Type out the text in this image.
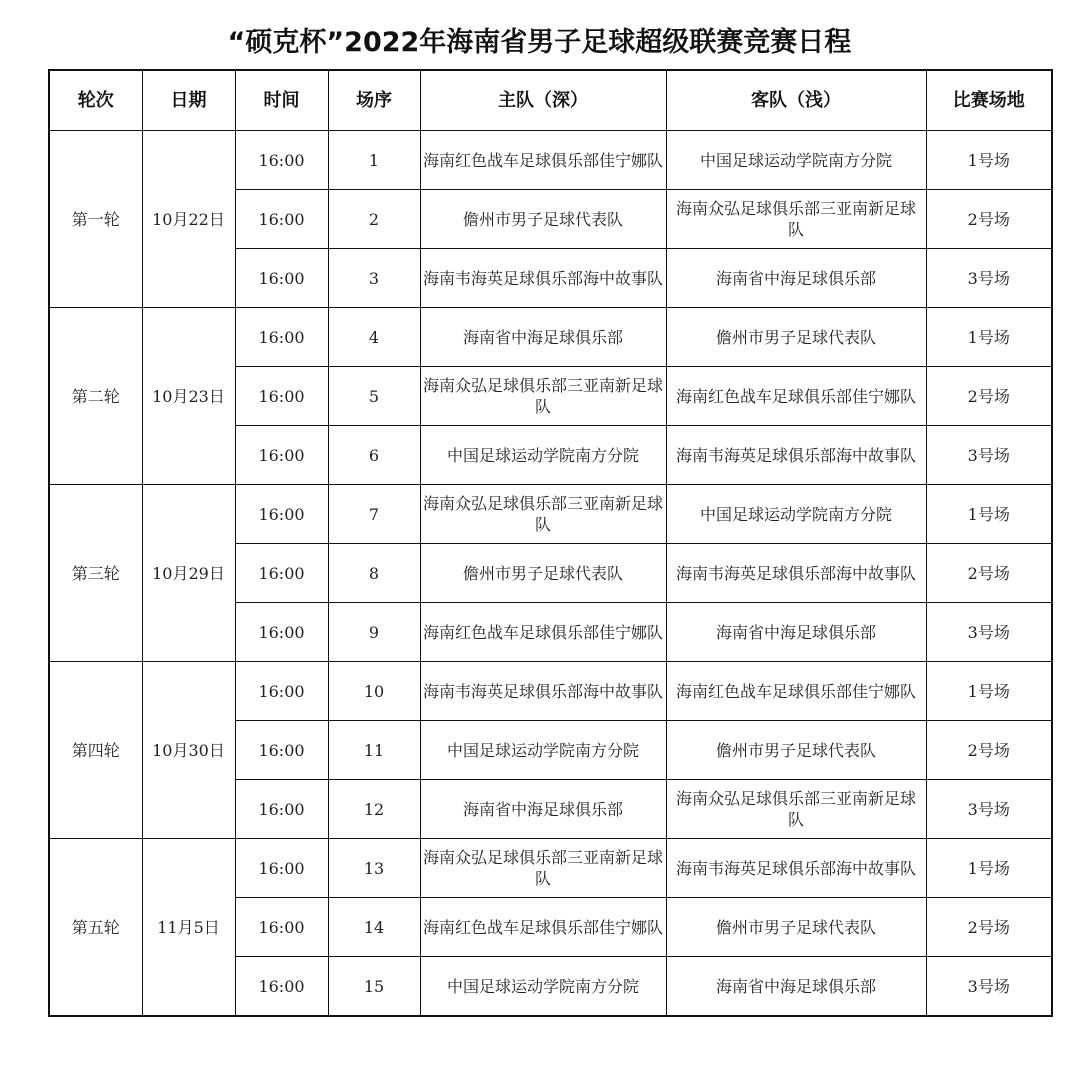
“硕克杯”2022年海南省男子足球超级联赛竞赛日程
轮次	日期	时间	场序	主队（深）	客队（浅）	比赛场地
第一轮	10月22日	16:00	1	海南红色战车足球俱乐部佳宁娜队	中国足球运动学院南方分院	1号场
		16:00	2	儋州市男子足球代表队	海南众弘足球俱乐部三亚南新足球队	2号场
		16:00	3	海南韦海英足球俱乐部海中故事队	海南省中海足球俱乐部	3号场
第二轮	10月23日	16:00	4	海南省中海足球俱乐部	儋州市男子足球代表队	1号场
		16:00	5	海南众弘足球俱乐部三亚南新足球队	海南红色战车足球俱乐部佳宁娜队	2号场
		16:00	6	中国足球运动学院南方分院	海南韦海英足球俱乐部海中故事队	3号场
第三轮	10月29日	16:00	7	海南众弘足球俱乐部三亚南新足球队	中国足球运动学院南方分院	1号场
		16:00	8	儋州市男子足球代表队	海南韦海英足球俱乐部海中故事队	2号场
		16:00	9	海南红色战车足球俱乐部佳宁娜队	海南省中海足球俱乐部	3号场
第四轮	10月30日	16:00	10	海南韦海英足球俱乐部海中故事队	海南红色战车足球俱乐部佳宁娜队	1号场
		16:00	11	中国足球运动学院南方分院	儋州市男子足球代表队	2号场
		16:00	12	海南省中海足球俱乐部	海南众弘足球俱乐部三亚南新足球队	3号场
第五轮	11月5日	16:00	13	海南众弘足球俱乐部三亚南新足球队	海南韦海英足球俱乐部海中故事队	1号场
		16:00	14	海南红色战车足球俱乐部佳宁娜队	儋州市男子足球代表队	2号场
		16:00	15	中国足球运动学院南方分院	海南省中海足球俱乐部	3号场
